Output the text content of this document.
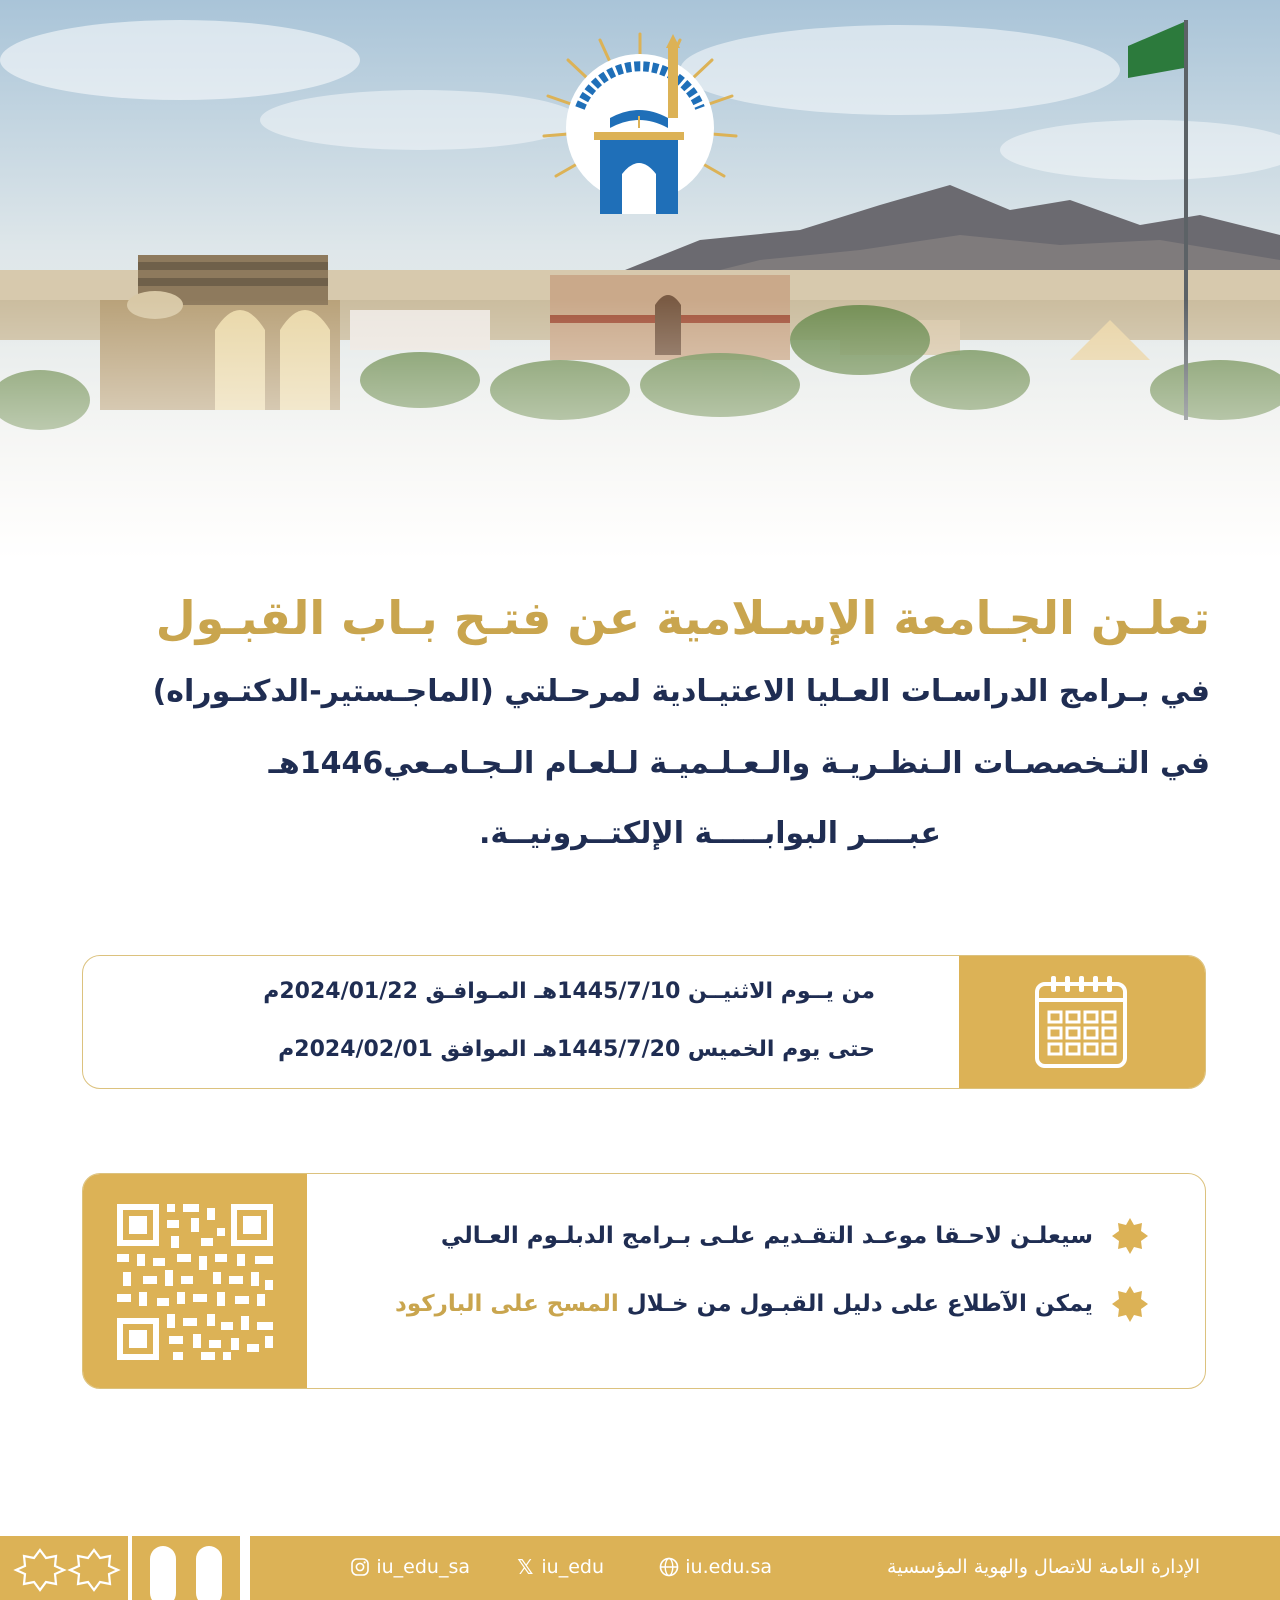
تعلـن الجـامعة الإسـلامية عن فتـح بـاب القبـول
في بـرامج الدراسـات العـليا الاعتيـادية لمرحـلتي (الماجـستير-الدكتـوراه)
في التـخصصـات الـنظـريـة والـعـلـميـة لـلعـام الـجـامـعي1446هـ
عبــــر البوابـــــة الإلكتــرونيــة.
من يــوم الاثنيــن 1445/7/10هـ المـوافـق 2024/01/22م
حتى يوم الخميس 1445/7/20هـ الموافق 2024/02/01م
سيعلـن لاحـقا موعـد التقـديم علـى بـرامج الدبلـوم العـالي
يمكن الآطلاع على دليل القبـول من خـلال المسح على الباركود
الإدارة العامة للاتصال والهوية المؤسسية
iu.edu.sa
𝕏 iu_edu
iu_edu_sa
